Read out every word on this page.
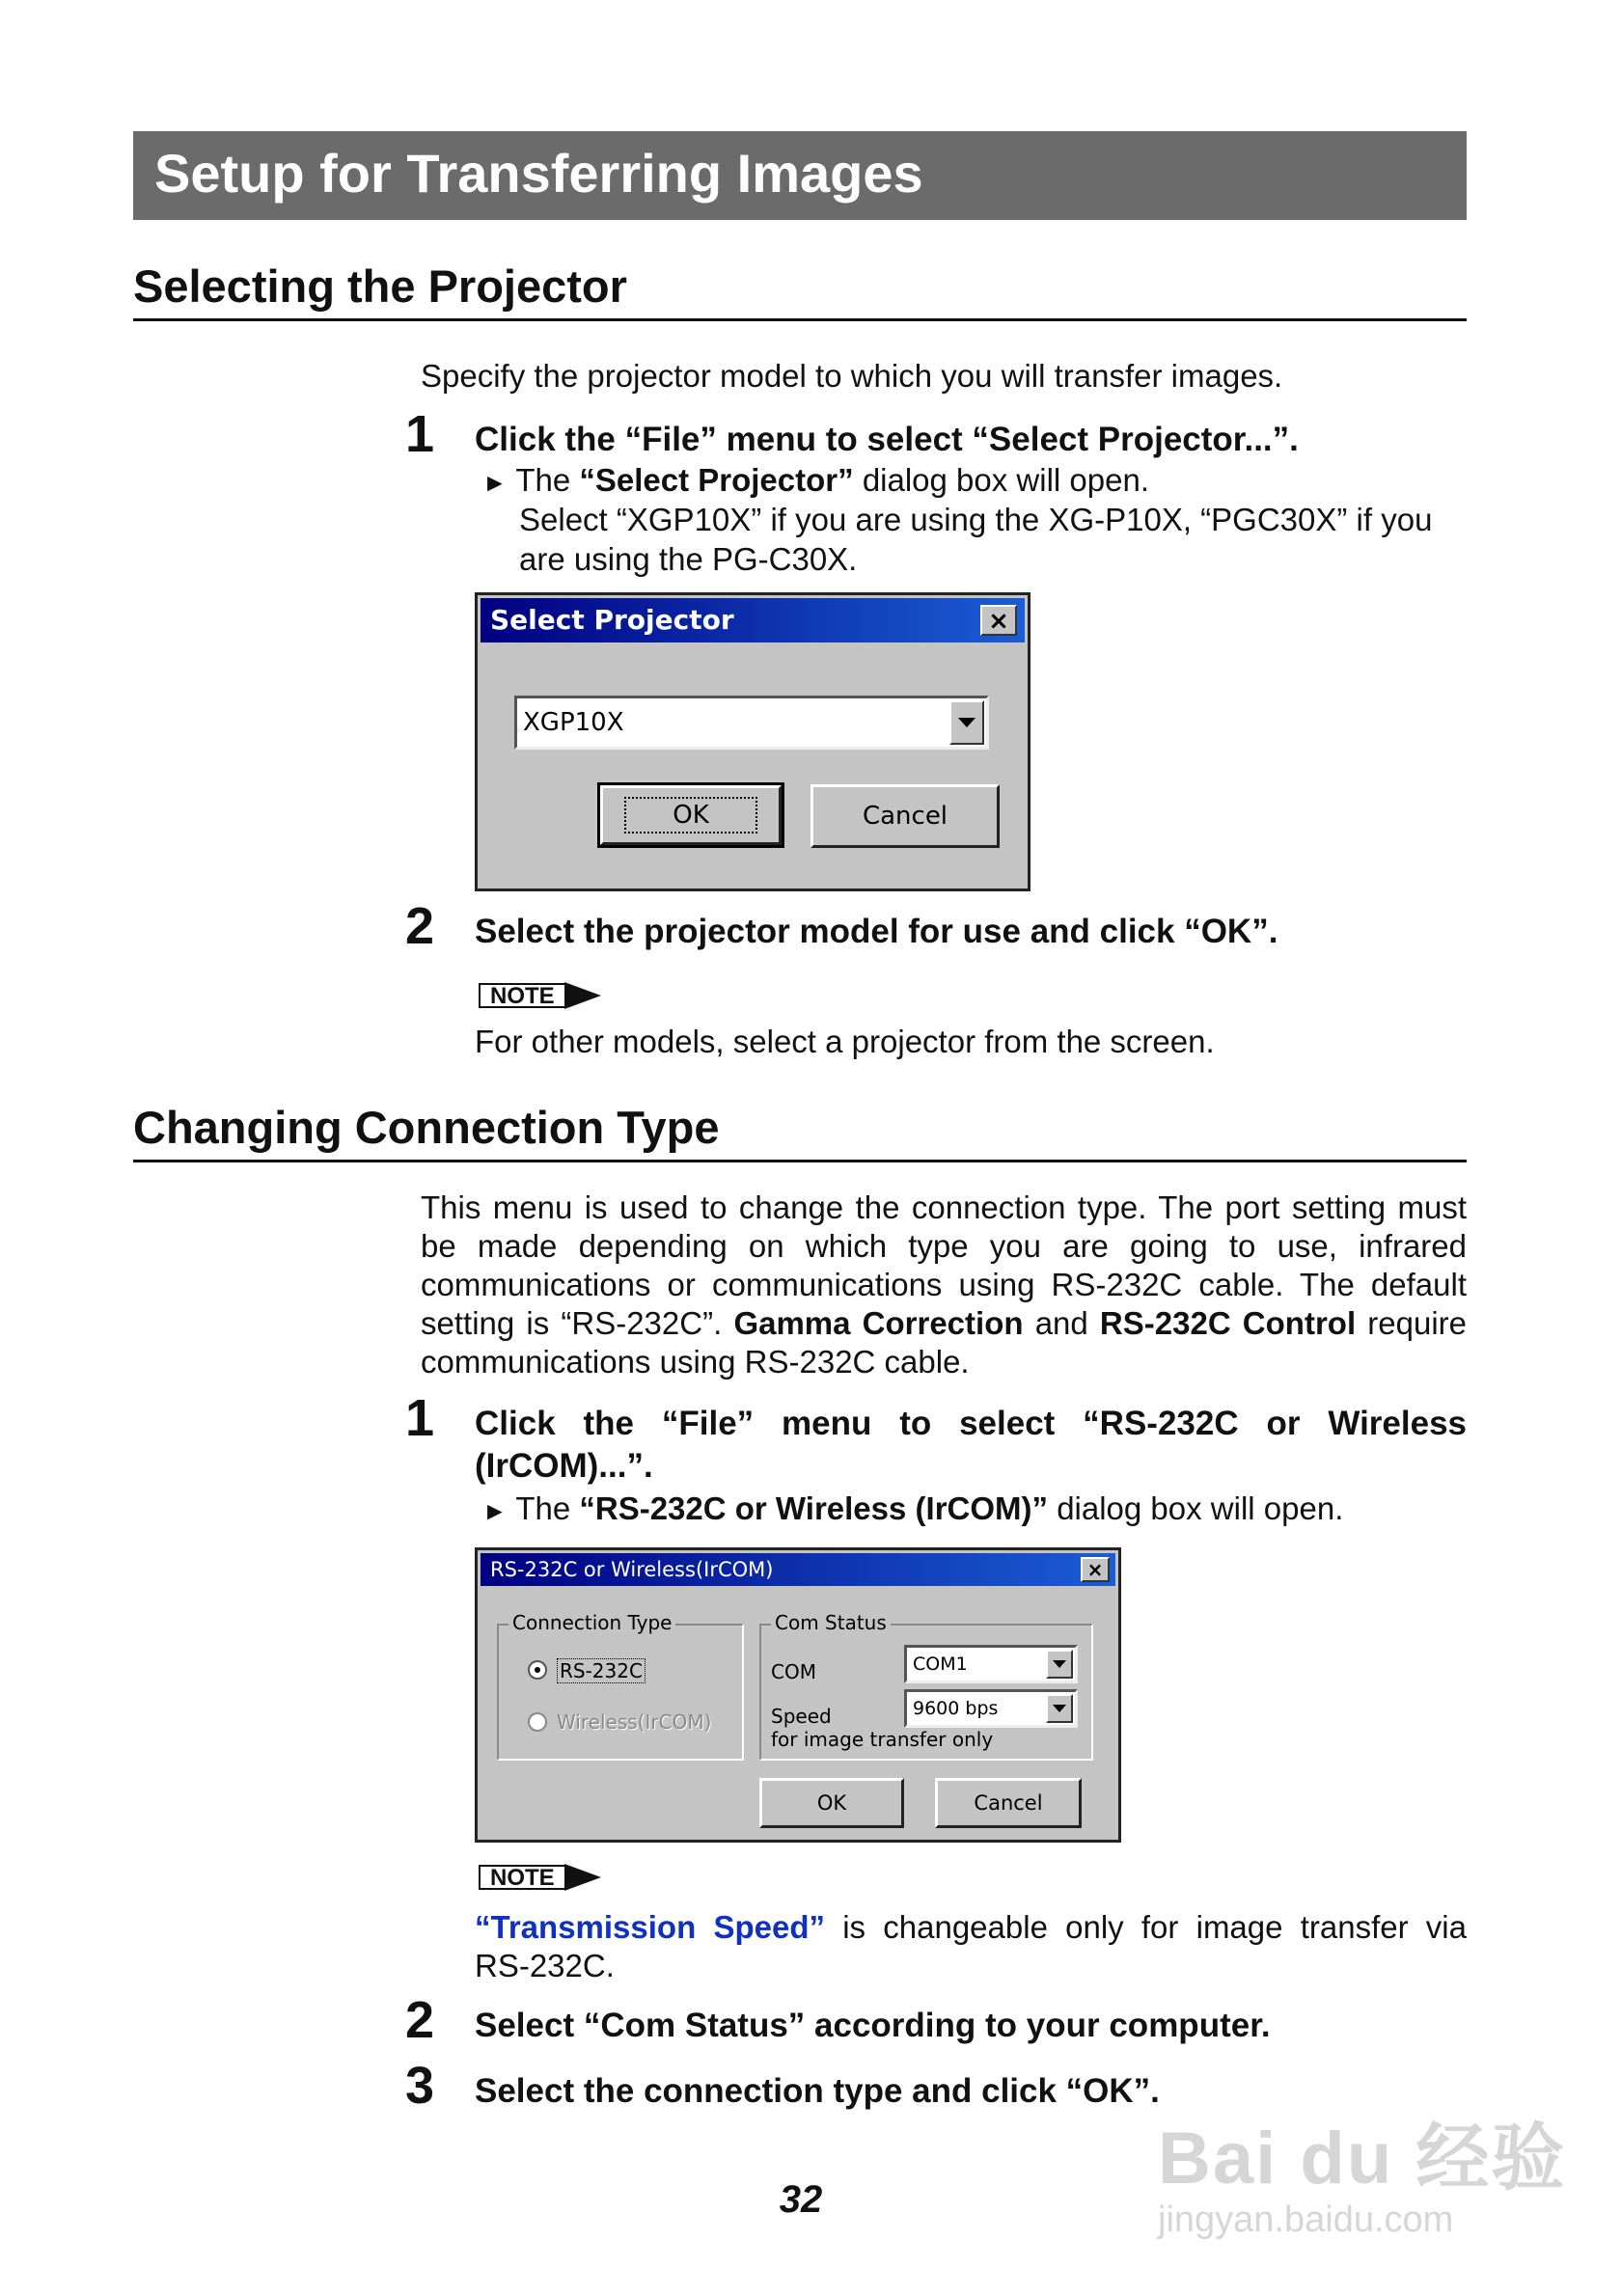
Setup for Transferring Images
Selecting the Projector
Specify the projector model to which you will transfer images.
1 Click the “File” menu to select “Select Projector...”.
► The “Select Projector” dialog box will open.
Select “XGP10X” if you are using the XG-P10X, “PGC30X” if you
are using the PG-C30X.
Select Projector	×
XGP10X
OK	Cancel
2 Select the projector model for use and click “OK”.
NOTE
For other models, select a projector from the screen.
Changing Connection Type
This menu is used to change the connection type. The port setting must
be made depending on which type you are going to use, infrared
communications or communications using RS-232C cable. The default
setting is “RS-232C”. Gamma Correction and RS-232C Control require
communications using RS-232C cable.
1 Click the “File” menu to select “RS-232C or Wireless
(IrCOM)...”.
► The “RS-232C or Wireless (IrCOM)” dialog box will open.
RS-232C or Wireless(IrCOM)	×
Connection Type
RS-232C
Wireless(IrCOM)
Com Status
COM	COM1
Speed	9600 bps
for image transfer only
OK	Cancel
NOTE
“Transmission Speed” is changeable only for image transfer via
RS-232C.
2 Select “Com Status” according to your computer.
3 Select the connection type and click “OK”.
32	Bai du 经验
jingyan.baidu.com
